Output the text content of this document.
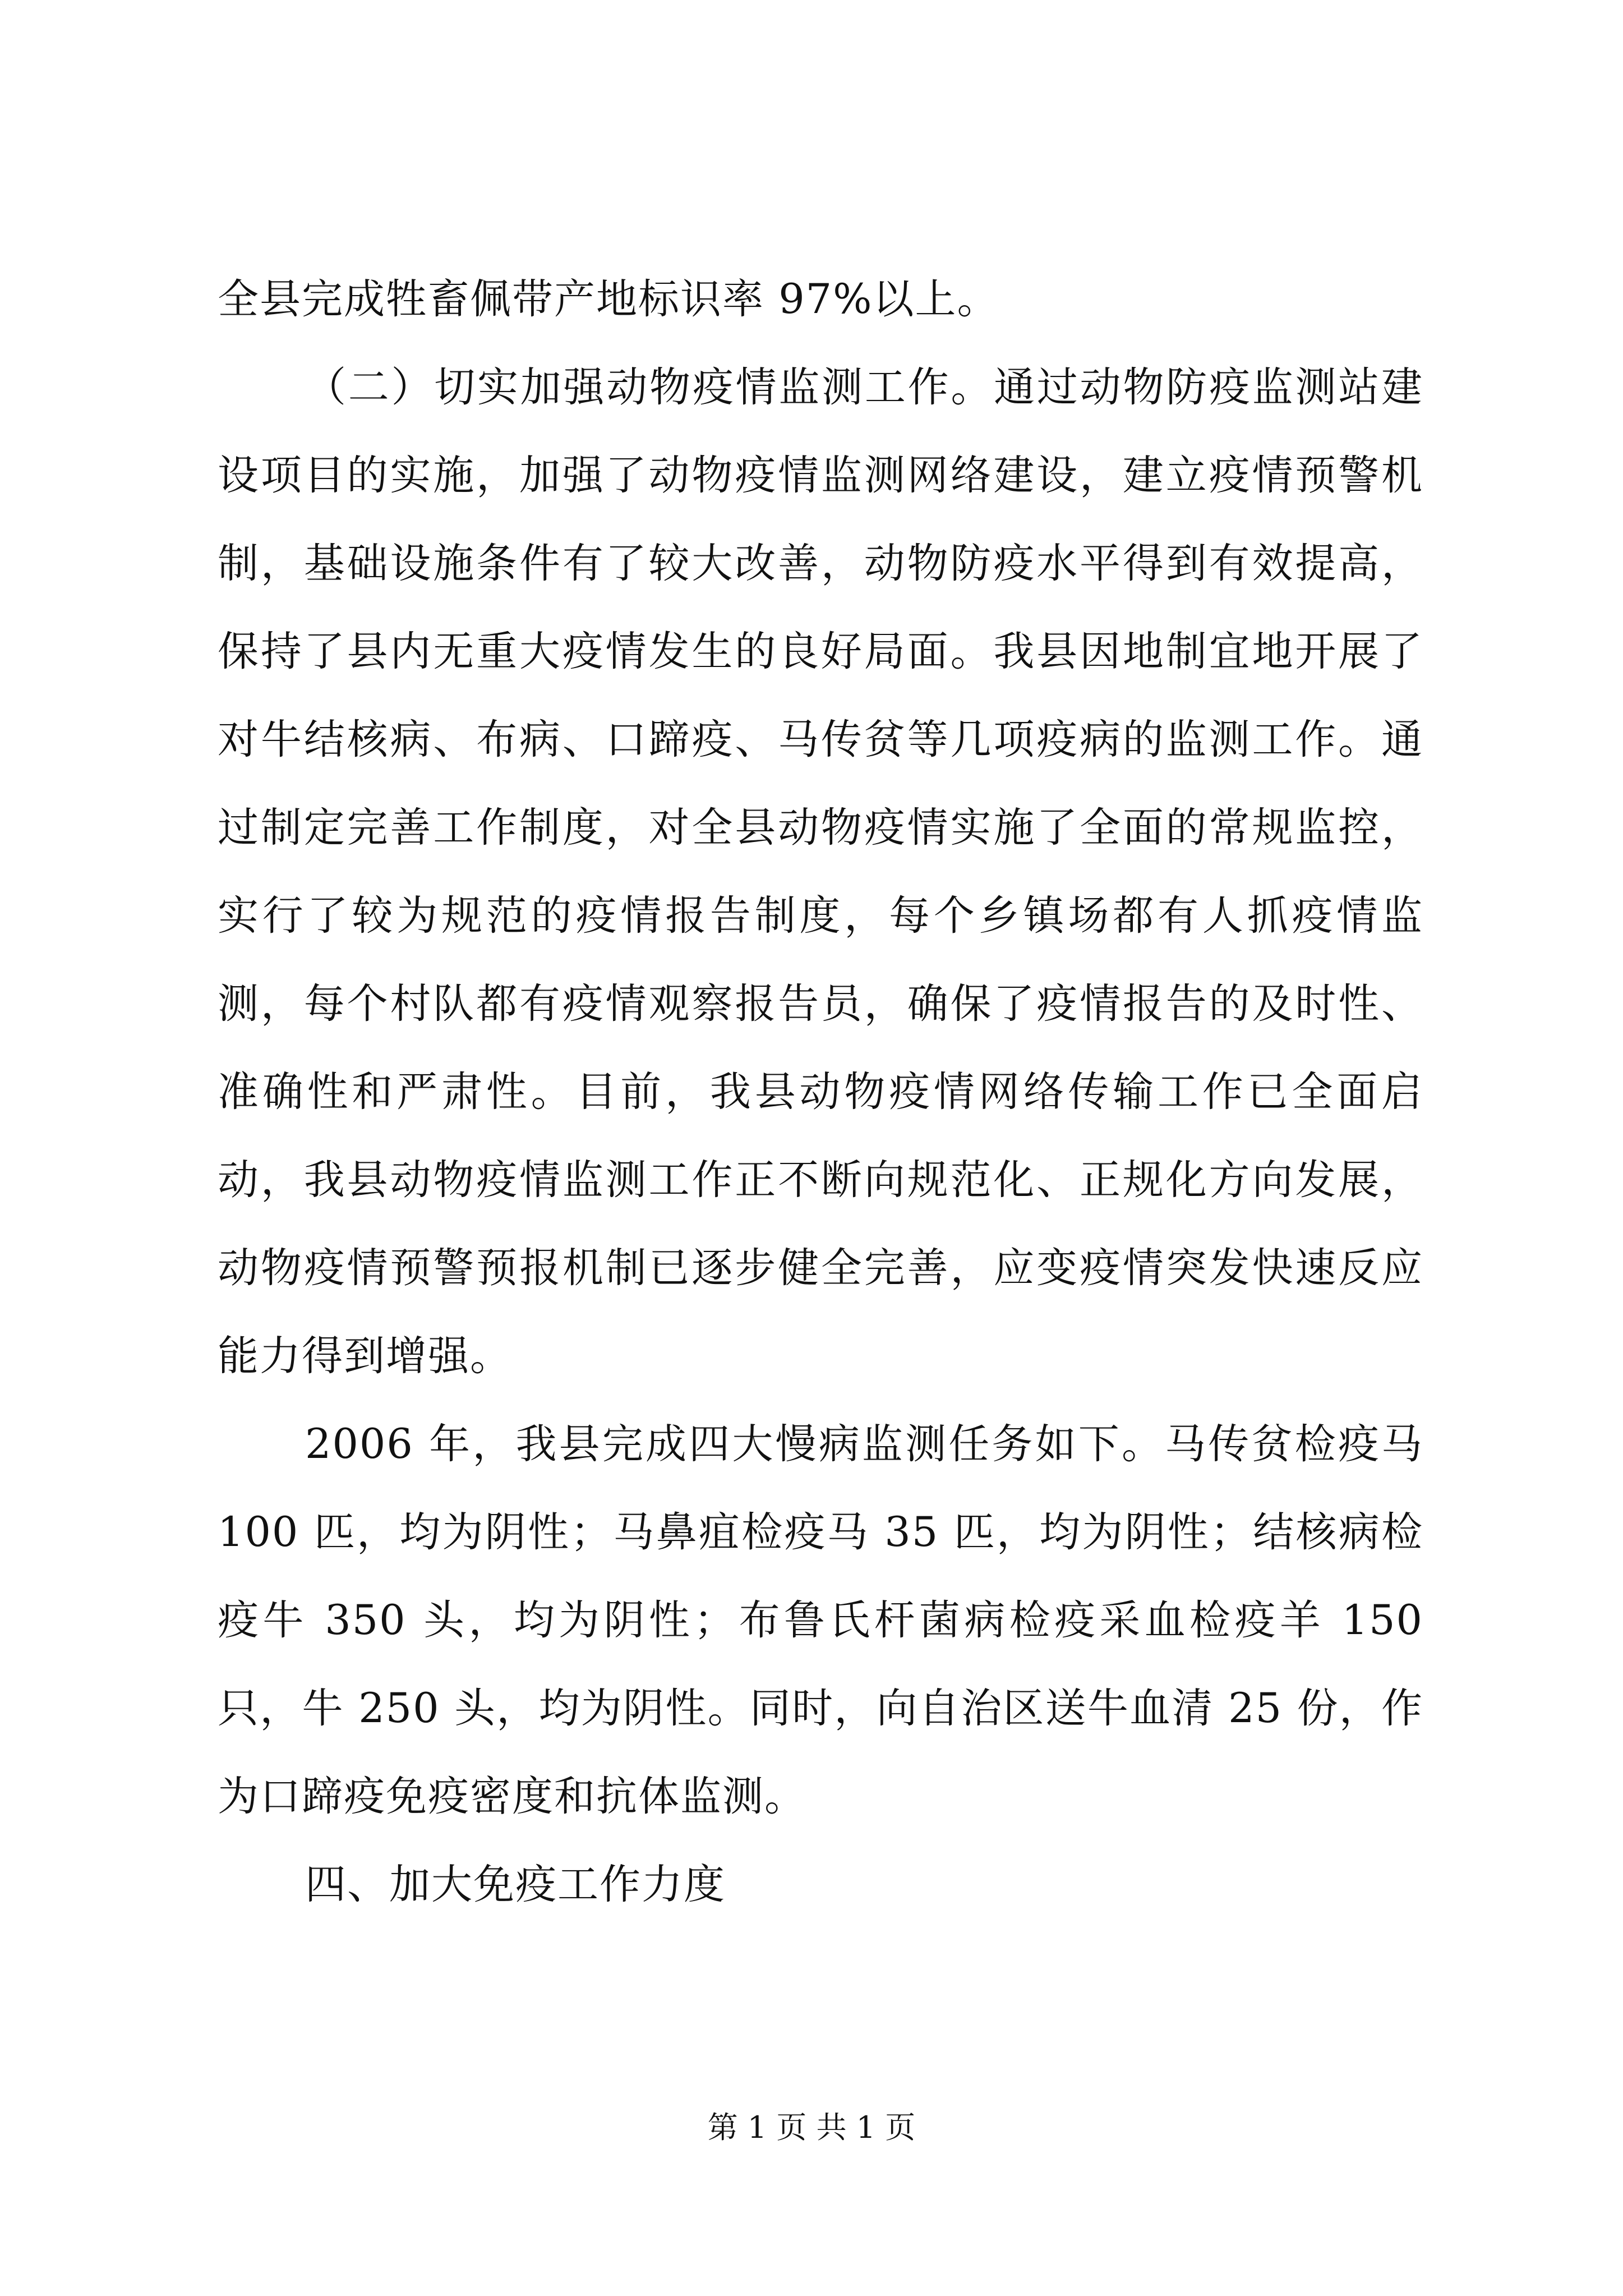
全县完成牲畜佩带产地标识率 97%以上。

（二）切实加强动物疫情监测工作。通过动物防疫监测站建设项目的实施，加强了动物疫情监测网络建设，建立疫情预警机制，基础设施条件有了较大改善，动物防疫水平得到有效提高，保持了县内无重大疫情发生的良好局面。我县因地制宜地开展了对牛结核病、布病、口蹄疫、马传贫等几项疫病的监测工作。通过制定完善工作制度，对全县动物疫情实施了全面的常规监控，实行了较为规范的疫情报告制度，每个乡镇场都有人抓疫情监测，每个村队都有疫情观察报告员，确保了疫情报告的及时性、准确性和严肃性。目前，我县动物疫情网络传输工作已全面启动，我县动物疫情监测工作正不断向规范化、正规化方向发展，动物疫情预警预报机制已逐步健全完善，应变疫情突发快速反应能力得到增强。

2006 年，我县完成四大慢病监测任务如下。马传贫检疫马 100 匹，均为阴性；马鼻疽检疫马 35 匹，均为阴性；结核病检疫牛 350 头，均为阴性；布鲁氏杆菌病检疫采血检疫羊 150 只，牛 250 头，均为阴性。同时，向自治区送牛血清 25 份，作为口蹄疫免疫密度和抗体监测。

四、加大免疫工作力度

第 1 页 共 1 页
